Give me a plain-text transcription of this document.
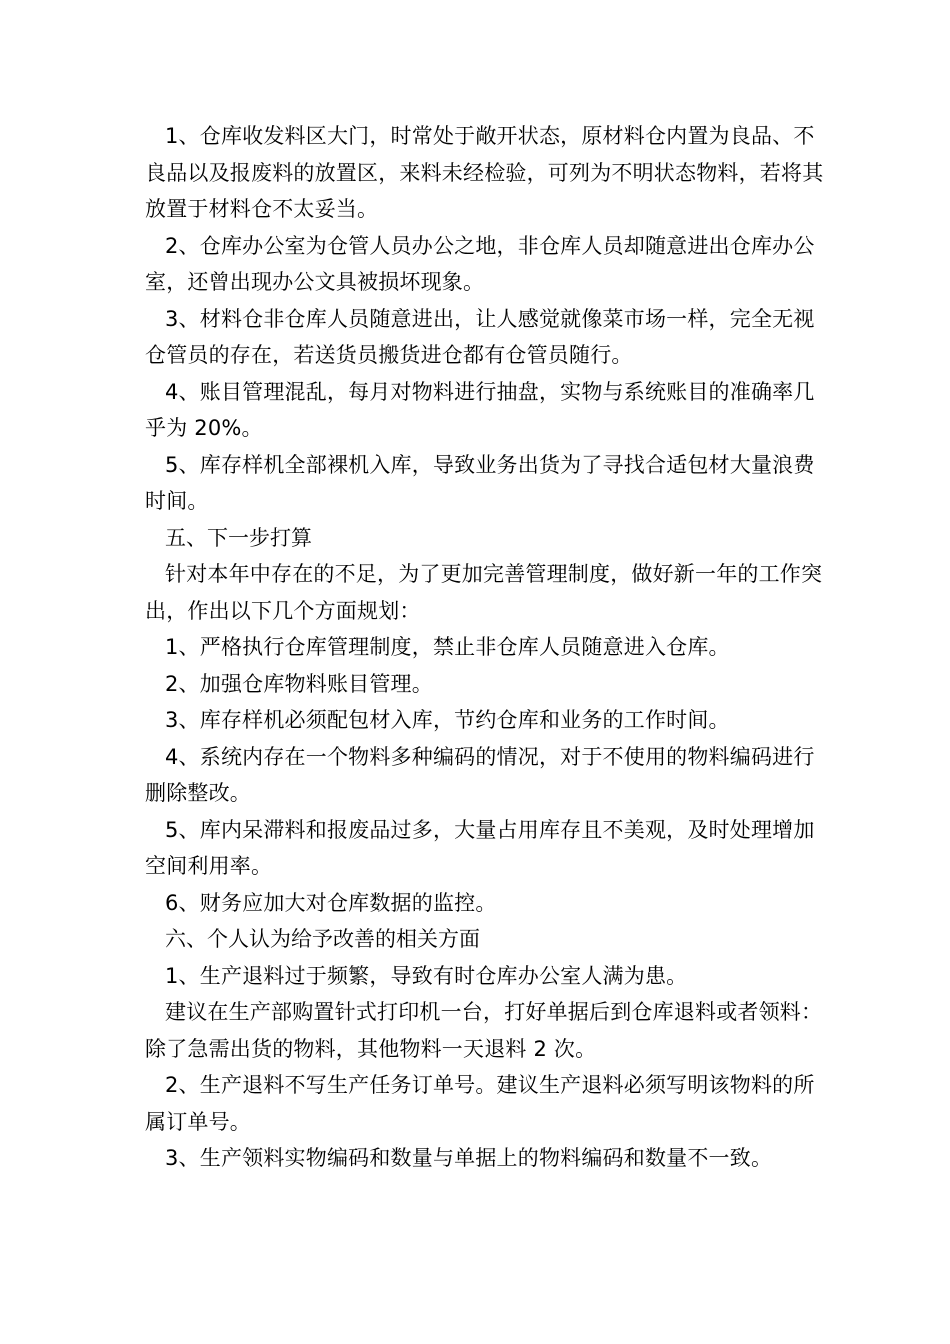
1、仓库收发料区大门，时常处于敞开状态，原材料仓内置为良品、不良品以及报废料的放置区，来料未经检验，可列为不明状态物料，若将其放置于材料仓不太妥当。

2、仓库办公室为仓管人员办公之地，非仓库人员却随意进出仓库办公室，还曾出现办公文具被损坏现象。

3、材料仓非仓库人员随意进出，让人感觉就像菜市场一样，完全无视仓管员的存在，若送货员搬货进仓都有仓管员随行。

4、账目管理混乱，每月对物料进行抽盘，实物与系统账目的准确率几乎为 20%。

5、库存样机全部裸机入库，导致业务出货为了寻找合适包材大量浪费时间。

五、下一步打算

针对本年中存在的不足，为了更加完善管理制度，做好新一年的工作突出，作出以下几个方面规划：

1、严格执行仓库管理制度，禁止非仓库人员随意进入仓库。

2、加强仓库物料账目管理。

3、库存样机必须配包材入库，节约仓库和业务的工作时间。

4、系统内存在一个物料多种编码的情况，对于不使用的物料编码进行删除整改。

5、库内呆滞料和报废品过多，大量占用库存且不美观，及时处理增加空间利用率。

6、财务应加大对仓库数据的监控。

六、个人认为给予改善的相关方面

1、生产退料过于频繁，导致有时仓库办公室人满为患。

建议在生产部购置针式打印机一台，打好单据后到仓库退料或者领料：除了急需出货的物料，其他物料一天退料 2 次。

2、生产退料不写生产任务订单号。建议生产退料必须写明该物料的所属订单号。

3、生产领料实物编码和数量与单据上的物料编码和数量不一致。
